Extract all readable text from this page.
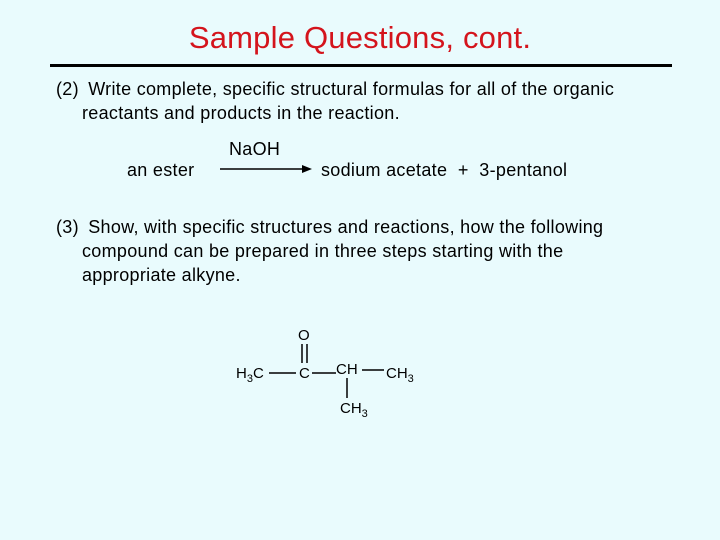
Sample Questions, cont.
(2) Write complete, specific structural formulas for all of the organic
reactants and products in the reaction.
an ester
NaOH
sodium acetate  +  3-pentanol
(3) Show, with specific structures and reactions, how the following
compound can be prepared in three steps starting with the
appropriate alkyne.
O
$H_3C$ C CH $CH_3$
$CH_3$
